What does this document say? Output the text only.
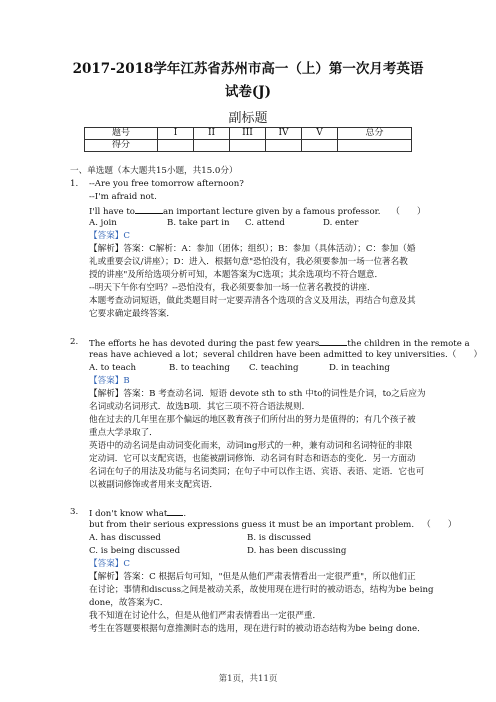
2017-2018学年江苏省苏州市高一（上）第一次月考英语
试卷(J)
副标题
题号	I	II	III	IV	V	总分
得分						
一、单选题（本大题共15小题，共15.0分）
1. --Are you free tomorrow afternoon?
--I'm afraid not.
I'll have to	an important lecture given by a famous professor. （　　）
A. join	B. take part in C. attend	D. enter
【答案】C
【解析】答案：C解析：A：参加（团体；组织）；B：参加（具体活动）；C：参加（婚
礼或重要会议/讲座）；D：进入．根据句意"恐怕没有，我必须要参加一场一位著名教
授的讲座"及所给选项分析可知，本题答案为C选项；其余选项均不符合题意．
--明天下午你有空吗？--恐怕没有，我必须要参加一场一位著名教授的讲座．
本题考查动词短语，做此类题目时一定要弄清各个选项的含义及用法，再结合句意及其
它要求确定最终答案．
2. The efforts he has devoted during the past few years	the children in the remote a
reas have achieved a lot；several children have been admitted to key universities.（　　）
A. to teach	B. to teaching C. teaching	D. in teaching
【答案】B
【解析】答案：B 考查动名词．短语 devote sth to sth 中to的词性是介词，to之后应为
名词或动名词形式．故选B项．其它三项不符合语法规则．
他在过去的几年里在那个偏远的地区教育孩子们所付出的努力是值得的；有几个孩子被
重点大学录取了．
英语中的动名词是由动词变化而来，动词ing形式的一种，兼有动词和名词特征的非限
定动词．它可以支配宾语，也能被副词修饰．动名词有时态和语态的变化．另一方面动
名词在句子的用法及功能与名词类同；在句子中可以作主语、宾语、表语、定语．它也可
以被副词修饰或者用来支配宾语．
3. I don't know what .
but from their serious expressions guess it must be an important problem. （　　）
A. has discussed	B. is discussed
C. is being discussed	D. has been discussing
【答案】C
【解析】答案：C 根据后句可知，"但是从他们严肃表情看出一定很严重"，所以他们正
在讨论；事情和discuss之间是被动关系，故使用现在进行时的被动语态，结构为be being
done，故答案为C．
我不知道在讨论什么，但是从他们严肃表情看出一定很严重．
考生在答题要根据句意推测时态的选用，现在进行时的被动语态结构为be being done．
第1页，共11页
